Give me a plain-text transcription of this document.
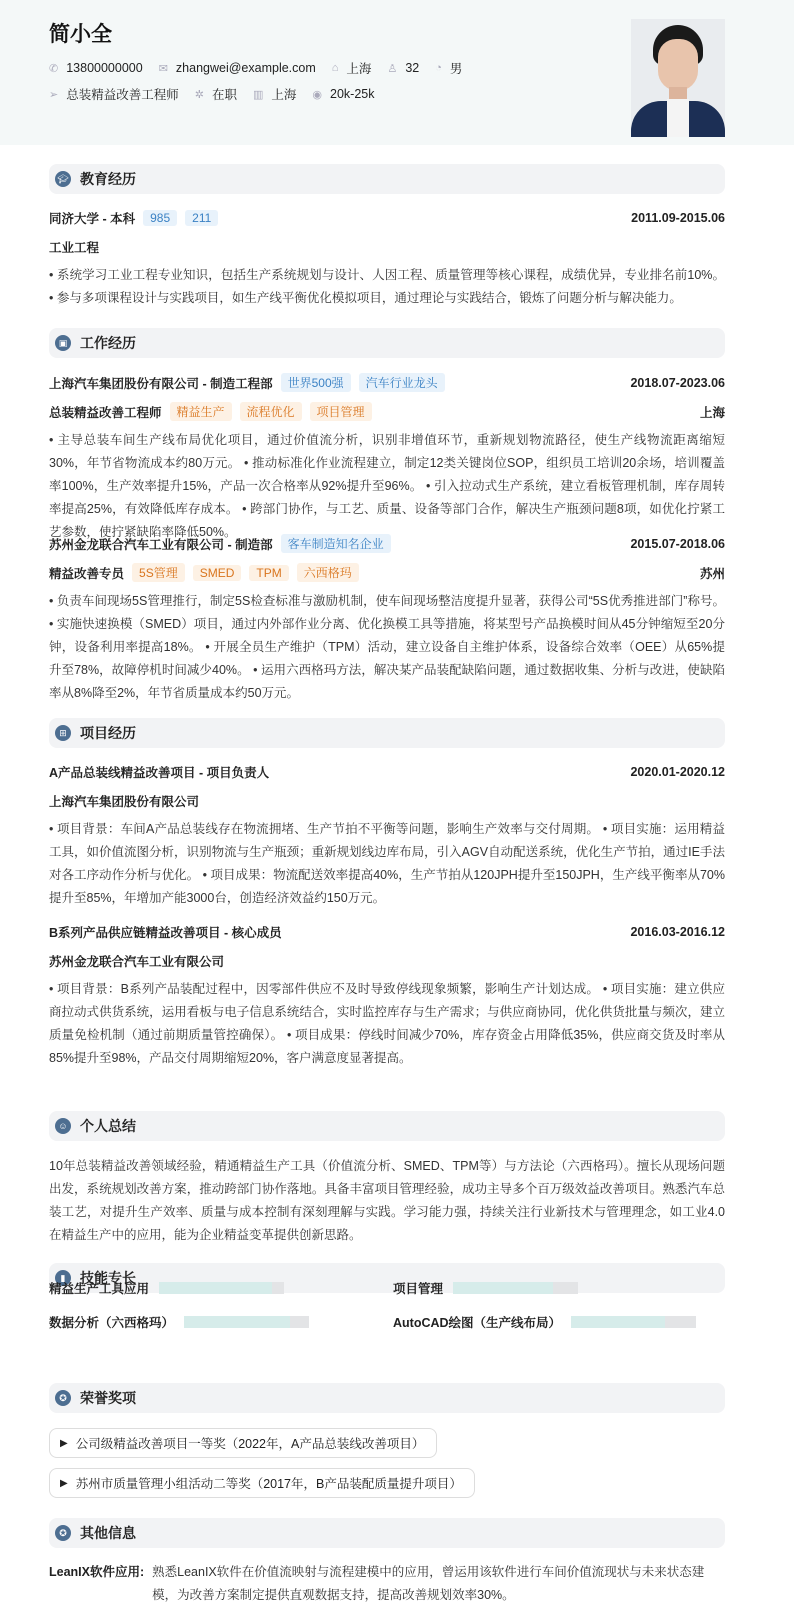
简小全
✆ 13800000000 ✉ zhangwei@example.com ⌂ 上海 ♙ 32 ◔ 男
➢ 总装精益改善工程师 ✲ 在职 ▥ 上海 ◉ 20k-25k
🎓︎ 教育经历
同济大学 - 本科	985	211	2011.09-2015.06
工业工程
• 系统学习工业工程专业知识，包括生产系统规划与设计、人因工程、质量管理等核心课程，成绩优异，专业排名前10%。 • 参与多项课程设计与实践项目，如生产线平衡优化模拟项目，通过理论与实践结合，锻炼了问题分析与解决能力。
▣ 工作经历
上海汽车集团股份有限公司 - 制造工程部	世界500强	汽车行业龙头	2018.07-2023.06
总装精益改善工程师	精益生产	流程优化	项目管理	上海
• 主导总装车间生产线布局优化项目，通过价值流分析，识别非增值环节，重新规划物流路径，使生产线物流距离缩短30%，年节省物流成本约80万元。 • 推动标准化作业流程建立，制定12类关键岗位SOP，组织员工培训20余场，培训覆盖率100%，生产效率提升15%，产品一次合格率从92%提升至96%。 • 引入拉动式生产系统，建立看板管理机制，库存周转率提高25%，有效降低库存成本。 • 跨部门协作，与工艺、质量、设备等部门合作，解决生产瓶颈问题8项，如优化拧紧工艺参数，使拧紧缺陷率降低50%。
苏州金龙联合汽车工业有限公司 - 制造部	客车制造知名企业	2015.07-2018.06
精益改善专员	5S管理	SMED	TPM	六西格玛	苏州
• 负责车间现场5S管理推行，制定5S检查标准与激励机制，使车间现场整洁度提升显著，获得公司“5S优秀推进部门”称号。 • 实施快速换模（SMED）项目，通过内外部作业分离、优化换模工具等措施，将某型号产品换模时间从45分钟缩短至20分钟，设备利用率提高18%。 • 开展全员生产维护（TPM）活动，建立设备自主维护体系，设备综合效率（OEE）从65%提升至78%，故障停机时间减少40%。 • 运用六西格玛方法，解决某产品装配缺陷问题，通过数据收集、分析与改进，使缺陷率从8%降至2%，年节省质量成本约50万元。
⊞ 项目经历
A产品总装线精益改善项目 - 项目负责人	2020.01-2020.12
上海汽车集团股份有限公司
• 项目背景：车间A产品总装线存在物流拥堵、生产节拍不平衡等问题，影响生产效率与交付周期。 • 项目实施：运用精益工具，如价值流图分析，识别物流与生产瓶颈；重新规划线边库布局，引入AGV自动配送系统，优化生产节拍，通过IE手法对各工序动作分析与优化。 • 项目成果：物流配送效率提高40%，生产节拍从120JPH提升至150JPH，生产线平衡率从70%提升至85%，年增加产能3000台，创造经济效益约150万元。
B系列产品供应链精益改善项目 - 核心成员	2016.03-2016.12
苏州金龙联合汽车工业有限公司
• 项目背景：B系列产品装配过程中，因零部件供应不及时导致停线现象频繁，影响生产计划达成。 • 项目实施：建立供应商拉动式供货系统，运用看板与电子信息系统结合，实时监控库存与生产需求；与供应商协同，优化供货批量与频次，建立质量免检机制（通过前期质量管控确保）。 • 项目成果：停线时间减少70%，库存资金占用降低35%，供应商交货及时率从85%提升至98%，产品交付周期缩短20%，客户满意度显著提高。
☺ 个人总结
10年总装精益改善领域经验，精通精益生产工具（价值流分析、SMED、TPM等）与方法论（六西格玛）。擅长从现场问题出发，系统规划改善方案，推动跨部门协作落地。具备丰富项目管理经验，成功主导多个百万级效益改善项目。熟悉汽车总装工艺，对提升生产效率、质量与成本控制有深刻理解与实践。学习能力强，持续关注行业新技术与管理理念，如工业4.0在精益生产中的应用，能为企业精益变革提供创新思路。
▮	技能专长
精益生产工具应用	项目管理
数据分析（六西格玛）	AutoCAD绘图（生产线布局）
✪ 荣誉奖项
▶ 公司级精益改善项目一等奖（2022年，A产品总装线改善项目）
▶ 苏州市质量管理小组活动二等奖（2017年，B产品装配质量提升项目）
✪ 其他信息
LeanIX软件应用: 熟悉LeanIX软件在价值流映射与流程建模中的应用，曾运用该软件进行车间价值流现状与未来状态建模，为改善方案制定提供直观数据支持，提高改善规划效率30%。
